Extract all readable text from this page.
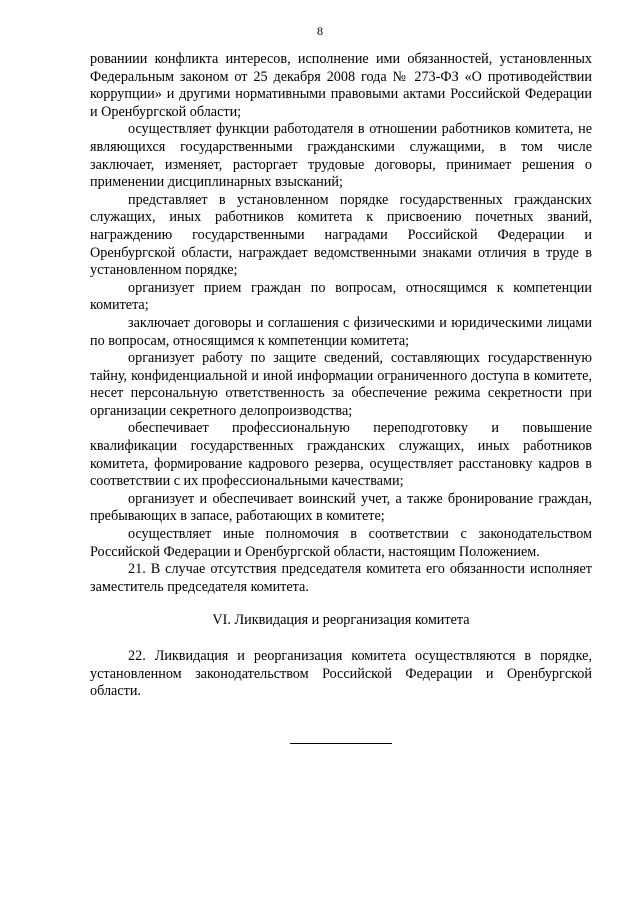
8

рованиии конфликта интересов, исполнение ими обязанностей, установленных Федеральным законом от 25 декабря 2008 года № 273-ФЗ «О противодействии коррупции» и другими нормативными правовыми актами Российской Федерации и Оренбургской области;

осуществляет функции работодателя в отношении работников комитета, не являющихся государственными гражданскими служащими, в том числе заключает, изменяет, расторгает трудовые договоры, принимает решения о применении дисциплинарных взысканий;

представляет в установленном порядке государственных гражданских служащих, иных работников комитета к присвоению почетных званий, награждению государственными наградами Российской Федерации и Оренбургской области, награждает ведомственными знаками отличия в труде в установленном порядке;

организует прием граждан по вопросам, относящимся к компетенции комитета;

заключает договоры и соглашения с физическими и юридическими лицами по вопросам, относящимся к компетенции комитета;

организует работу по защите сведений, составляющих государственную тайну, конфиденциальной и иной информации ограниченного доступа в комитете, несет персональную ответственность за обеспечение режима секретности при организации секретного делопроизводства;

обеспечивает профессиональную переподготовку и повышение квалификации государственных гражданских служащих, иных работников комитета, формирование кадрового резерва, осуществляет расстановку кадров в соответствии с их профессиональными качествами;

организует и обеспечивает воинский учет, а также бронирование граждан, пребывающих в запасе, работающих в комитете;

осуществляет иные полномочия в соответствии с законодательством Российской Федерации и Оренбургской области, настоящим Положением.

21. В случае отсутствия председателя комитета его обязанности исполняет заместитель председателя комитета.

VI. Ликвидация и реорганизация комитета

22. Ликвидация и реорганизация комитета осуществляются в порядке, установленном законодательством Российской Федерации и Оренбургской области.
